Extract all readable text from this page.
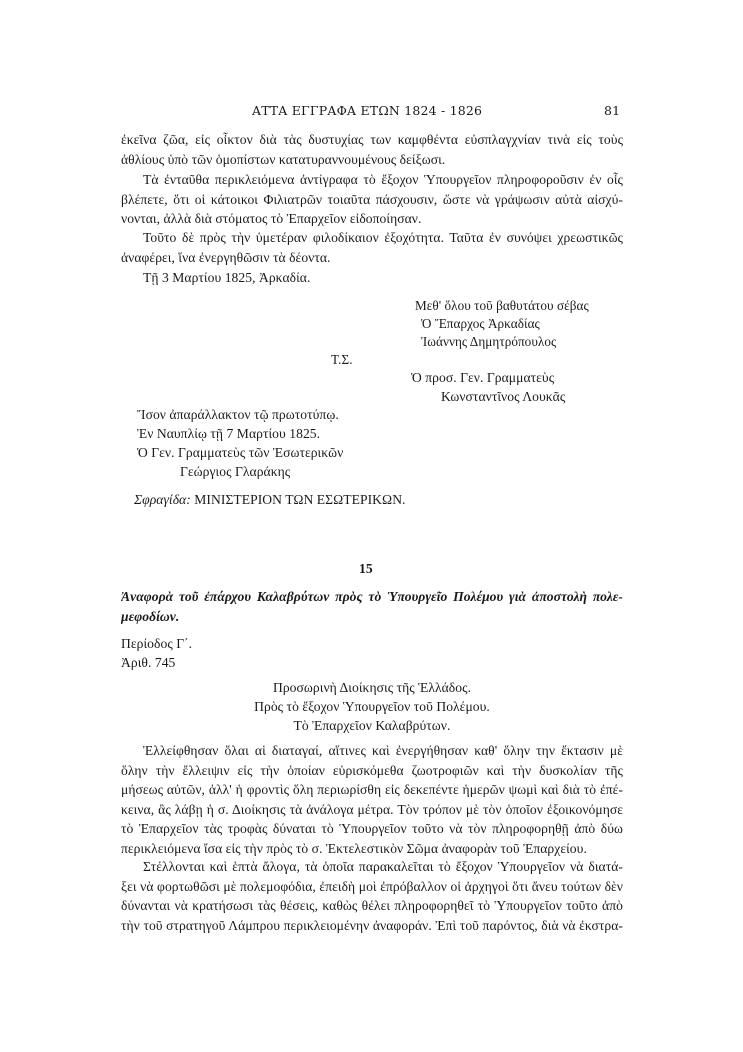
ΑΤΤΑ ΕΓΓΡΑΦΑ ΕΤΩΝ 1824 - 1826	81
ἐκεῖνα ζῶα, εἰς οἶκτον διὰ τὰς δυστυχίας των καμφθέντα εὐσπλαγχνίαν τινὰ εἰς τοὺς
ἀθλίους ὑπὸ τῶν ὁμοπίστων κατατυραννουμένους δείξωσι.
Τὰ ἐνταῦθα περικλειόμενα ἀντίγραφα τὸ ἔξοχον Ὑπουργεῖον πληροφοροῦσιν ἐν οἷς
βλέπετε, ὅτι οἱ κάτοικοι Φιλιατρῶν τοιαῦτα πάσχουσιν, ὥστε νὰ γράψωσιν αὐτὰ αἰσχύ-
νονται, ἀλλὰ διὰ στόματος τὸ Ἐπαρχεῖον εἰδοποίησαν.
Τοῦτο δὲ πρὸς τὴν ὑμετέραν φιλοδίκαιον ἐξοχότητα. Ταῦτα ἐν συνόψει χρεωστικῶς
ἀναφέρει, ἵνα ἐνεργηθῶσιν τὰ δέοντα.
Τῇ 3 Μαρτίου 1825, Ἀρκαδία.
Μεθ' ὅλου τοῦ βαθυτάτου σέβας
Ὁ Ἔπαρχος Ἀρκαδίας
Ἰωάννης Δημητρόπουλος
Τ.Σ.
Ὁ προσ. Γεν. Γραμματεὺς
Κωνσταντῖνος Λουκᾶς
Ἴσον ἀπαράλλακτον τῷ πρωτοτύπῳ.
Ἐν Ναυπλίῳ τῇ 7 Μαρτίου 1825.
Ὁ Γεν. Γραμματεὺς τῶν Ἐσωτερικῶν
Γεώργιος Γλαράκης
Σφραγίδα: ΜΙΝΙΣΤΕΡΙΟΝ ΤΩΝ ΕΣΩΤΕΡΙΚΩΝ.
15
Ἀναφορὰ τοῦ ἐπάρχου Καλαβρύτων πρὸς τὸ Ὑπουργεῖο Πολέμου γιὰ ἀποστολὴ πολε-
μεφοδίων.
Περίοδος Γ΄.
Ἀριθ. 745
Προσωρινὴ Διοίκησις τῆς Ἑλλάδος.
Πρὸς τὸ ἔξοχον Ὑπουργεῖον τοῦ Πολέμου.
Τὸ Ἐπαρχεῖον Καλαβρύτων.
Ἐλλείφθησαν ὅλαι αἱ διαταγαί, αἵτινες καὶ ἐνεργήθησαν καθ' ὅλην την ἔκτασιν μὲ
ὅλην τὴν ἔλλειψιν εἰς τὴν ὁποίαν εὑρισκόμεθα ζωοτροφιῶν καὶ τὴν δυσκολίαν τῆς
μήσεως αὐτῶν, ἀλλ' ἡ φροντὶς ὅλη περιωρίσθη εἰς δεκεπέντε ἡμερῶν ψωμὶ καὶ διὰ τὸ ἐπέ-
κεινα, ἂς λάβῃ ἡ σ. Διοίκησις τὰ ἀνάλογα μέτρα. Τὸν τρόπον μὲ τὸν ὁποῖον ἐξοικονόμησε
τὸ Ἐπαρχεῖον τὰς τροφὰς δύναται τὸ Ὑπουργεῖον τοῦτο νὰ τὸν πληροφορηθῇ ἀπὸ δύω
περικλειόμενα ἴσα εἰς τὴν πρὸς τὸ σ. Ἐκτελεστικὸν Σῶμα ἀναφορὰν τοῦ Ἐπαρχείου.
Στέλλονται καὶ ἑπτὰ ἄλογα, τὰ ὁποῖα παρακαλεῖται τὸ ἔξοχον Ὑπουργεῖον νὰ διατά-
ξει νὰ φορτωθῶσι μὲ πολεμοφόδια, ἐπειδὴ μοὶ ἐπρόβαλλον οἱ ἀρχηγοὶ ὅτι ἄνευ τούτων δὲν
δύνανται νὰ κρατήσωσι τὰς θέσεις, καθὼς θέλει πληροφορηθεῖ τὸ Ὑπουργεῖον τοῦτο ἀπὸ
τὴν τοῦ στρατηγοῦ Λάμπρου περικλειομένην ἀναφοράν. Ἐπὶ τοῦ παρόντος, διὰ νὰ ἐκστρα-
